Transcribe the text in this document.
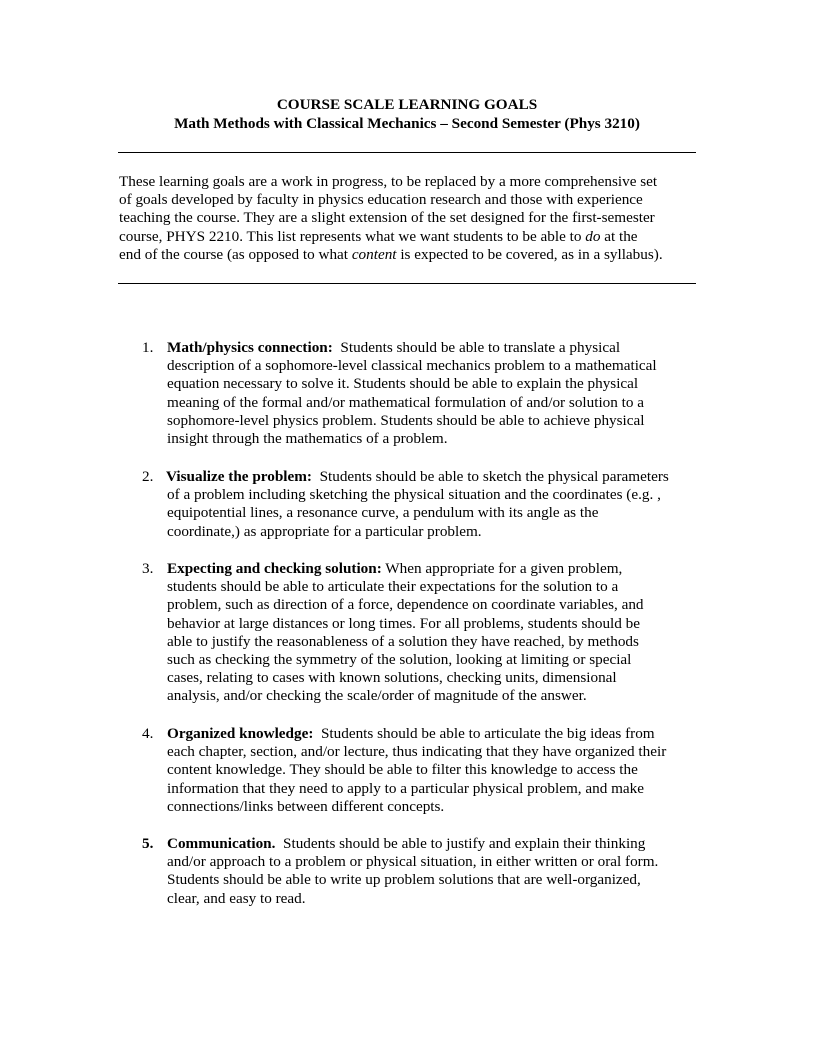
COURSE SCALE LEARNING GOALS
Math Methods with Classical Mechanics – Second Semester (Phys 3210)
These learning goals are a work in progress, to be replaced by a more comprehensive set
of goals developed by faculty in physics education research and those with experience
teaching the course. They are a slight extension of the set designed for the first-semester
course, PHYS 2210. This list represents what we want students to be able to do at the
end of the course (as opposed to what content is expected to be covered, as in a syllabus).
1. Math/physics connection:  Students should be able to translate a physical
description of a sophomore-level classical mechanics problem to a mathematical
equation necessary to solve it. Students should be able to explain the physical
meaning of the formal and/or mathematical formulation of and/or solution to a
sophomore-level physics problem. Students should be able to achieve physical
insight through the mathematics of a problem.
2. Visualize the problem:  Students should be able to sketch the physical parameters
of a problem including sketching the physical situation and the coordinates (e.g. ,
equipotential lines, a resonance curve, a pendulum with its angle as the
coordinate,) as appropriate for a particular problem.
3. Expecting and checking solution: When appropriate for a given problem,
students should be able to articulate their expectations for the solution to a
problem, such as direction of a force, dependence on coordinate variables, and
behavior at large distances or long times. For all problems, students should be
able to justify the reasonableness of a solution they have reached, by methods
such as checking the symmetry of the solution, looking at limiting or special
cases, relating to cases with known solutions, checking units, dimensional
analysis, and/or checking the scale/order of magnitude of the answer.
4. Organized knowledge:  Students should be able to articulate the big ideas from
each chapter, section, and/or lecture, thus indicating that they have organized their
content knowledge. They should be able to filter this knowledge to access the
information that they need to apply to a particular physical problem, and make
connections/links between different concepts.
5. Communication.  Students should be able to justify and explain their thinking
and/or approach to a problem or physical situation, in either written or oral form.
Students should be able to write up problem solutions that are well-organized,
clear, and easy to read.
